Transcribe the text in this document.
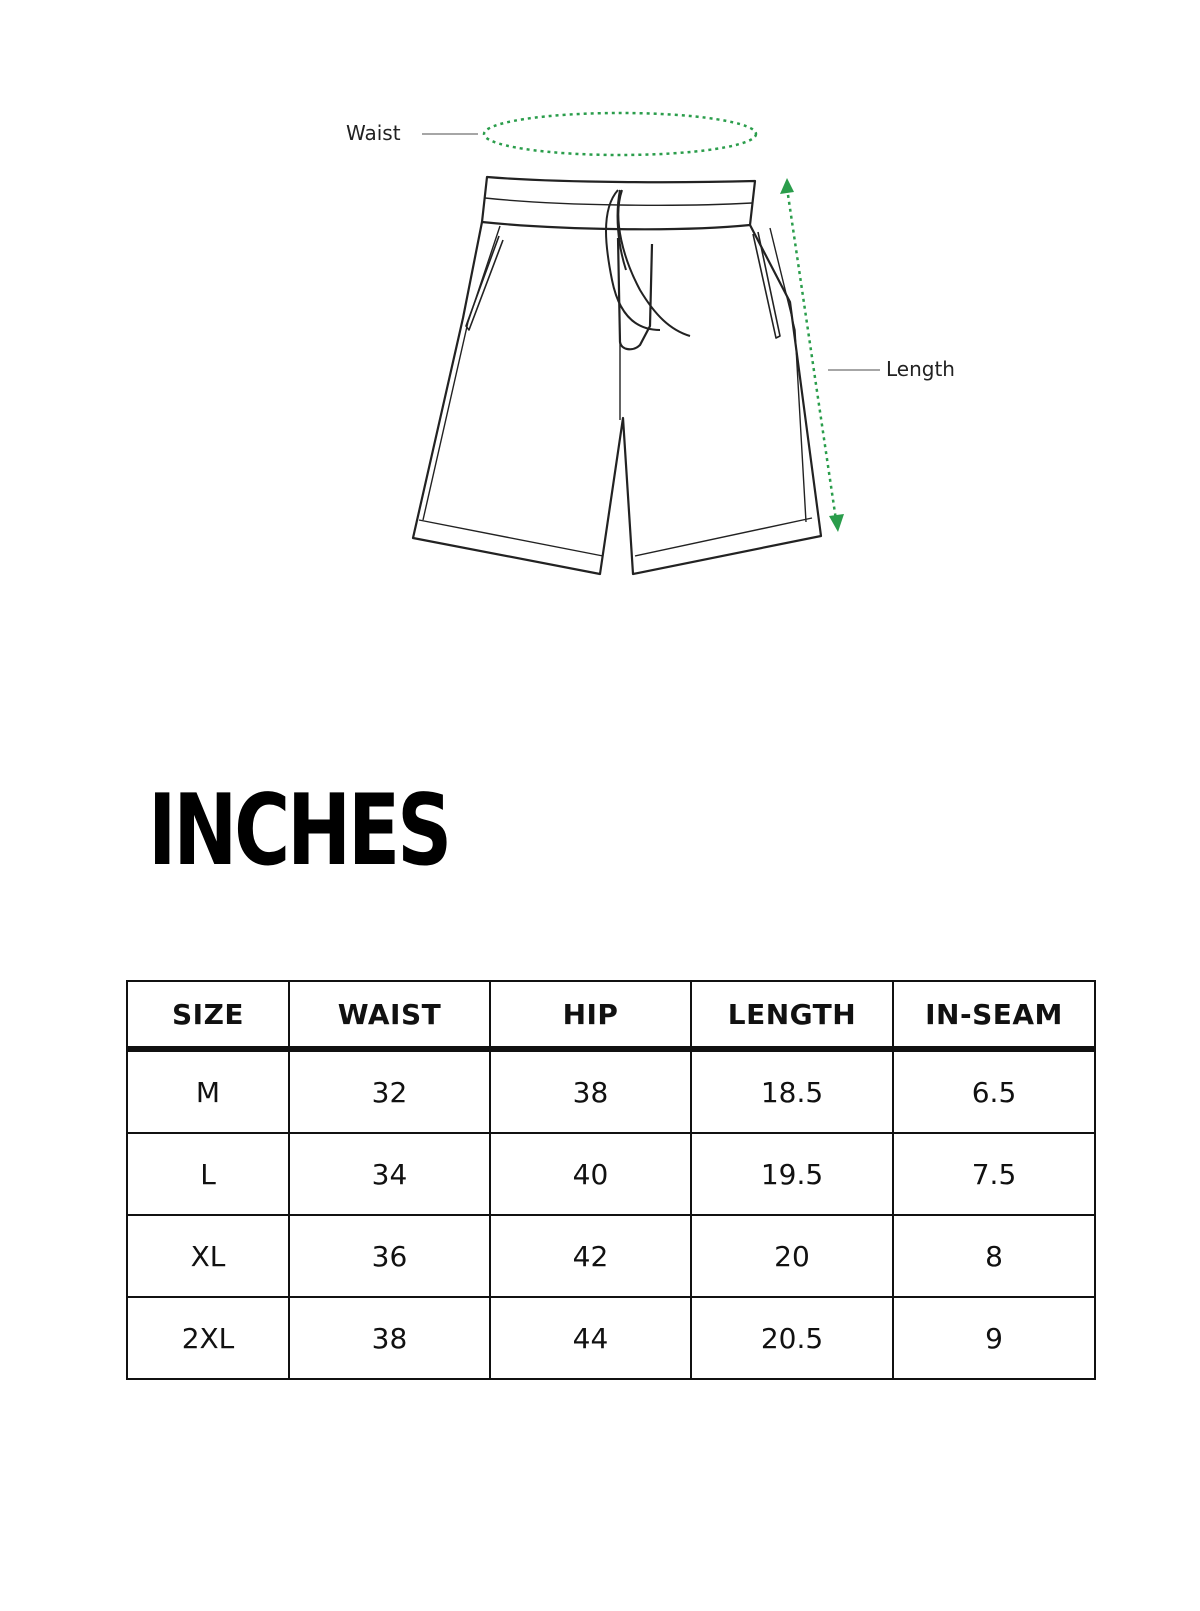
Waist
Length
INCHES
SIZE	WAIST	HIP	LENGTH	IN-SEAM
M	32	38	18.5	6.5
L	34	40	19.5	7.5
XL	36	42	20	8
2XL	38	44	20.5	9
